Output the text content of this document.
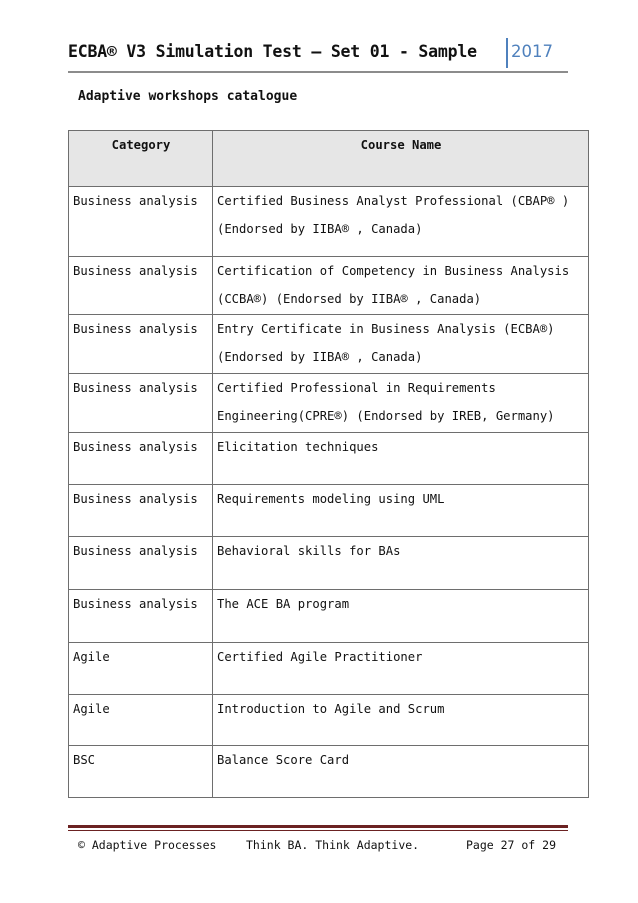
ECBA® V3 Simulation Test – Set 01 - Sample 2017
Adaptive workshops catalogue
Category	Course Name
Business analysis	Certified Business Analyst Professional (CBAP® )
(Endorsed by IIBA® , Canada)

Business analysis	Certification of Competency in Business Analysis
(CCBA®) (Endorsed by IIBA® , Canada)

Business analysis	Entry Certificate in Business Analysis (ECBA®)
(Endorsed by IIBA® , Canada)

Business analysis	Certified Professional in Requirements
Engineering(CPRE®) (Endorsed by IREB, Germany)

Business analysis	Elicitation techniques

Business analysis	Requirements modeling using UML

Business analysis	Behavioral skills for BAs

Business analysis	The ACE BA program

Agile	Certified Agile Practitioner

Agile	Introduction to Agile and Scrum

BSC	Balance Score Card
© Adaptive Processes	Think BA. Think Adaptive.	Page 27 of 29
